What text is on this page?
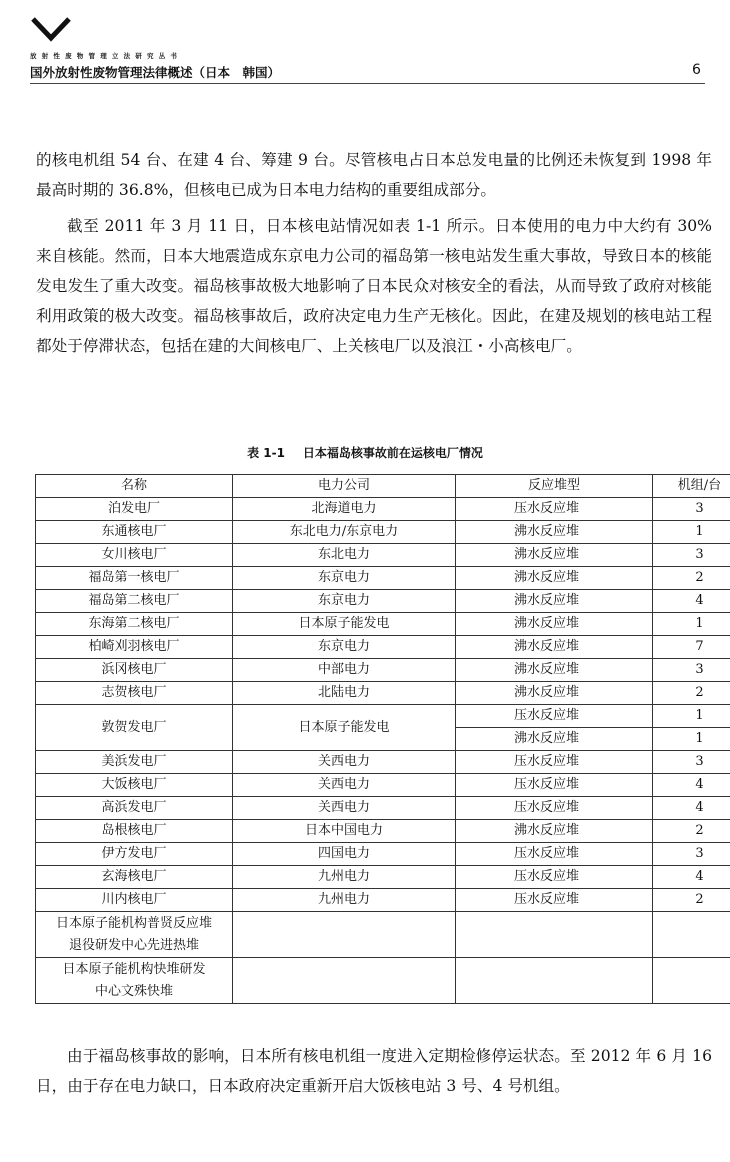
放射性废物管理立法研究丛书
国外放射性废物管理法律概述（日本　韩国）	6

的核电机组 54 台、在建 4 台、筹建 9 台。尽管核电占日本总发电量的比例还未恢复到 1998 年最高时期的 36.8%，但核电已成为日本电力结构的重要组成部分。

截至 2011 年 3 月 11 日，日本核电站情况如表 1-1 所示。日本使用的电力中大约有 30% 来自核能。然而，日本大地震造成东京电力公司的福岛第一核电站发生重大事故，导致日本的核能发电发生了重大改变。福岛核事故极大地影响了日本民众对核安全的看法，从而导致了政府对核能利用政策的极大改变。福岛核事故后，政府决定电力生产无核化。因此，在建及规划的核电站工程都处于停滞状态，包括在建的大间核电厂、上关核电厂以及浪江・小高核电厂。

表 1-1 日本福岛核事故前在运核电厂情况
名称	电力公司	反应堆型	机组/台
泊发电厂	北海道电力	压水反应堆	3
东通核电厂	东北电力/东京电力	沸水反应堆	1
女川核电厂	东北电力	沸水反应堆	3
福岛第一核电厂	东京电力	沸水反应堆	2
福岛第二核电厂	东京电力	沸水反应堆	4
东海第二核电厂	日本原子能发电	沸水反应堆	1
柏崎刈羽核电厂	东京电力	沸水反应堆	7
浜冈核电厂	中部电力	沸水反应堆	3
志贺核电厂	北陆电力	沸水反应堆	2
敦贺发电厂	日本原子能发电	压水反应堆	1
		沸水反应堆	1
美浜发电厂	关西电力	压水反应堆	3
大饭核电厂	关西电力	压水反应堆	4
高浜发电厂	关西电力	压水反应堆	4
岛根核电厂	日本中国电力	沸水反应堆	2
伊方发电厂	四国电力	压水反应堆	3
玄海核电厂	九州电力	压水反应堆	4
川内核电厂	九州电力	压水反应堆	2

日本原子能机构普贤反应堆
退役研发中心先进热堆			

日本原子能机构快堆研发
中心文殊快堆			

由于福岛核事故的影响，日本所有核电机组一度进入定期检修停运状态。至 2012 年 6 月 16 日，由于存在电力缺口，日本政府决定重新开启大饭核电站 3 号、4 号机组。
